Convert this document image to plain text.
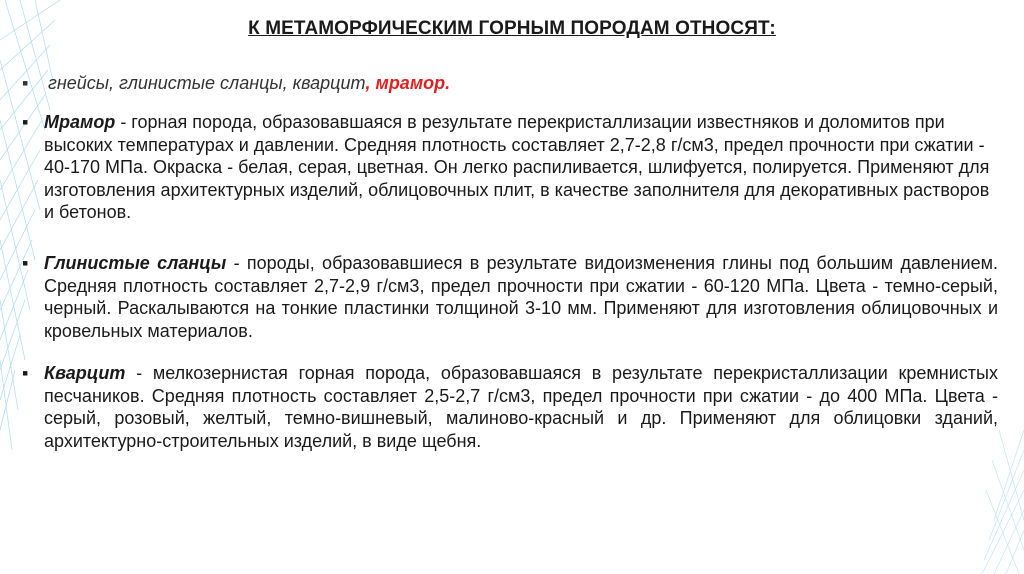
К МЕТАМОРФИЧЕСКИМ ГОРНЫМ ПОРОДАМ ОТНОСЯТ:
▪ гнейсы, глинистые сланцы, кварцит, мрамор.
▪ Мрамор - горная порода, образовавшаяся в результате перекристаллизации известняков и доломитов при высоких температурах и давлении. Средняя плотность составляет 2,7-2,8 г/см3, предел прочности при сжатии - 40-170 МПа. Окраска - белая, серая, цветная. Он легко распиливается, шлифуется, полируется. Применяют для изготовления архитектурных изделий, облицовочных плит, в качестве заполнителя для декоративных растворов и бетонов.
▪ Глинистые сланцы - породы, образовавшиеся в результате видоизменения глины под большим давлением. Средняя плотность составляет 2,7-2,9 г/см3, предел прочности при сжатии - 60-120 МПа. Цвета - темно-серый, черный. Раскалываются на тонкие пластинки толщиной 3-10 мм. Применяют для изготовления облицовочных и кровельных материалов.
▪ Кварцит - мелкозернистая горная порода, образовавшаяся в результате перекристаллизации кремнистых песчаников. Средняя плотность составляет 2,5-2,7 г/см3, предел прочности при сжатии - до 400 МПа. Цвета - серый, розовый, желтый, темно-вишневый, малиново-красный и др. Применяют для облицовки зданий, архитектурно-строительных изделий, в виде щебня.
